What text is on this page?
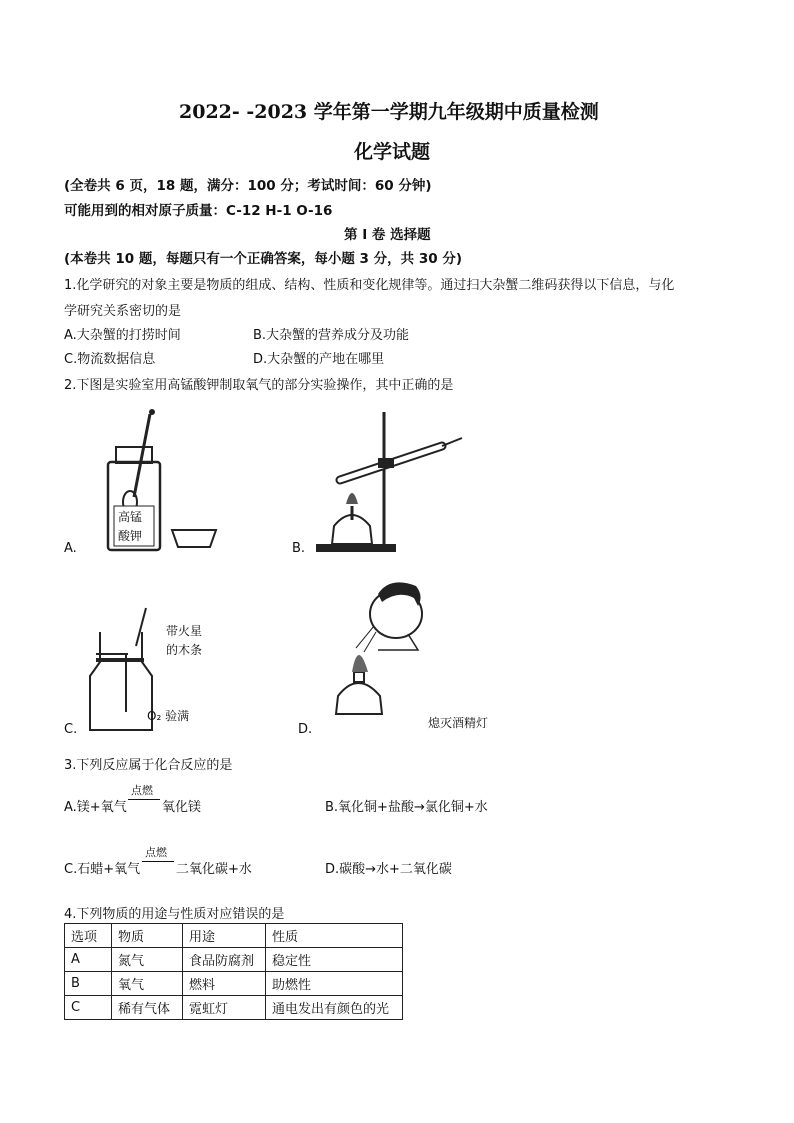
2022- -2023 学年第一学期九年级期中质量检测
化学试题
(全卷共 6 页，18 题，满分：100 分；考试时间：60 分钟)
可能用到的相对原子质量：C-12 H-1 O-16
第 Ⅰ 卷 选择题
(本卷共 10 题，每题只有一个正确答案，每小题 3 分，共 30 分)
1.化学研究的对象主要是物质的组成、结构、性质和变化规律等。通过扫大杂蟹二维码获得以下信息，与化
学研究关系密切的是
A.大杂蟹的打捞时间	B.大杂蟹的营养成分及功能
C.物流数据信息	D.大杂蟹的产地在哪里
2.下图是实验室用高锰酸钾制取氧气的部分实验操作，其中正确的是
高锰
酸钾
A.	B.
带火星
的木条
O₂ 验满
C.	熄灭酒精灯
D.
3.下列反应属于化合反应的是
A.镁+氧气
点燃
氧化镁	B.氧化铜+盐酸→氯化铜+水
C.石蜡+氧气
点燃
二氧化碳+水	D.碳酸→水+二氧化碳
4.下列物质的用途与性质对应错误的是
选项	物质	用途	性质
A	氮气	食品防腐剂	稳定性
B	氧气	燃料	助燃性
C	稀有气体	霓虹灯	通电发出有颜色的光
